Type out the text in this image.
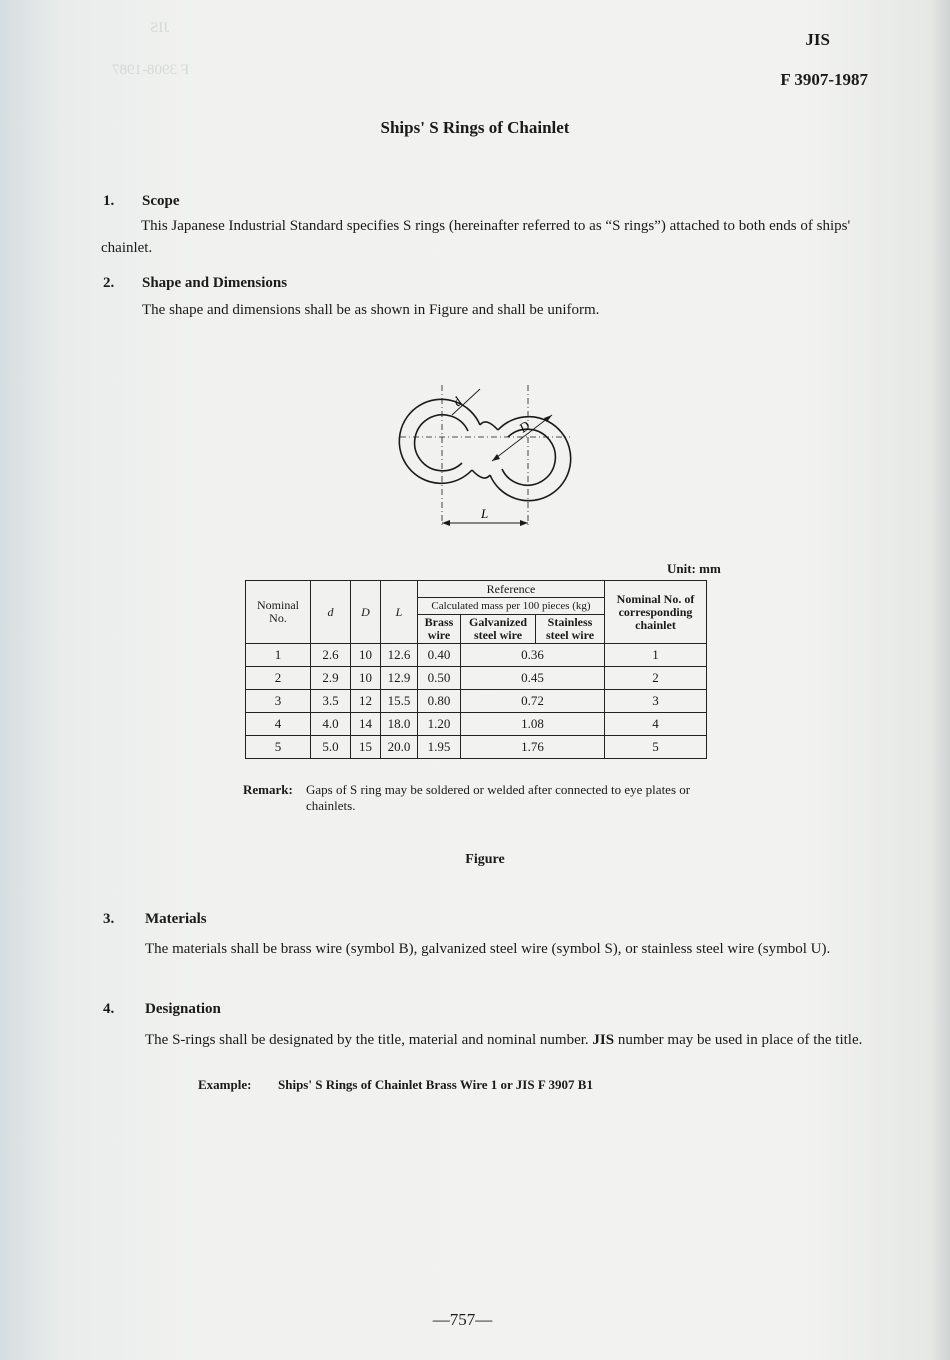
JIS
F 3908-1987
JIS
F 3907-1987
Ships' S Rings of Chainlet
1. Scope
This Japanese Industrial Standard specifies S rings (hereinafter referred to as “S rings”) attached to both ends of ships' chainlet.
2. Shape and Dimensions
The shape and dimensions shall be as shown in Figure and shall be uniform.
d
D
L
Unit: mm
Nominal No.	d	D	L	Reference			Nominal No. of corresponding chainlet
				Calculated mass per 100 pieces (kg)			
				Brass wire	Galvanized steel wire	Stainless steel wire	
1	2.6	10	12.6	0.40	0.36		1
2	2.9	10	12.9	0.50	0.45		2
3	3.5	12	15.5	0.80	0.72		3
4	4.0	14	18.0	1.20	1.08		4
5	5.0	15	20.0	1.95	1.76		5
Remark: Gaps of S ring may be soldered or welded after connected to eye plates or chainlets.
Figure
3. Materials
The materials shall be brass wire (symbol B), galvanized steel wire (symbol S), or stainless steel wire (symbol U).
4. Designation
The S-rings shall be designated by the title, material and nominal number. JIS number may be used in place of the title.
Example: Ships' S Rings of Chainlet Brass Wire 1 or JIS F 3907 B1
—757—
